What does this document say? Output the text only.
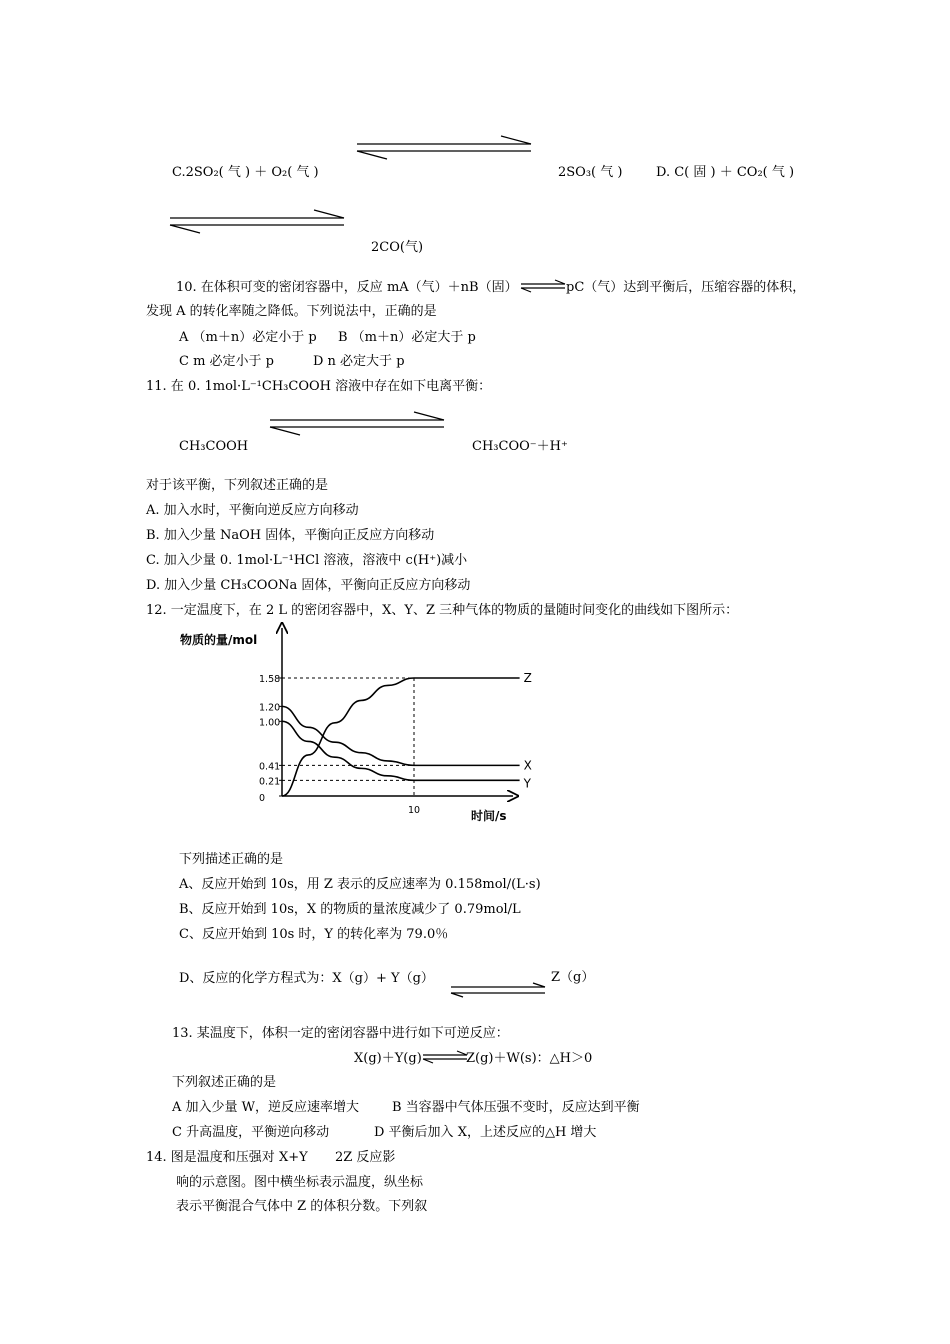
C.2SO₂( 气 ) ＋ O₂( 气 )	2SO₃( 气 )	D. C( 固 ) ＋ CO₂( 气 )
2CO(气)
10. 在体积可变的密闭容器中，反应 mA（气）＋nB（固） ⇌ pC（气）达到平衡后，压缩容器的体积，
发现 A 的转化率随之降低。下列说法中，正确的是
A （m＋n）必定小于 p B （m＋n）必定大于 p
C m 必定小于 p	D n 必定大于 p
11. 在 0. 1mol·L⁻¹CH₃COOH 溶液中存在如下电离平衡：
CH₃COOH	CH₃COO⁻＋H⁺
对于该平衡，下列叙述正确的是
A. 加入水时，平衡向逆反应方向移动
B. 加入少量 NaOH 固体，平衡向正反应方向移动
C. 加入少量 0. 1mol·L⁻¹HCl 溶液，溶液中 c(H⁺)减小
D. 加入少量 CH₃COONa 固体，平衡向正反应方向移动
12. 一定温度下，在 2 L 的密闭容器中，X、Y、Z 三种气体的物质的量随时间变化的曲线如下图所示：
物质的量/mol
时间/s
1.58
1.20
1.00
0.41
0.21
0
10
Z
X
Y
下列描述正确的是
A、反应开始到 10s，用 Z 表示的反应速率为 0.158mol/(L·s)
B、反应开始到 10s，X 的物质的量浓度减少了 0.79mol/L
C、反应开始到 10s 时，Y 的转化率为 79.0％
D、反应的化学方程式为：X（g）+ Y（g）	Z（g）
13. 某温度下，体积一定的密闭容器中进行如下可逆反应：
X(g)＋Y(g) ⇌
Z(g)＋W(s)：△H＞0
下列叙述正确的是
A 加入少量 W，逆反应速率增大	B 当容器中气体压强不变时，反应达到平衡
C 升高温度，平衡逆向移动	D 平衡后加入 X，上述反应的△H 增大
14. 图是温度和压强对 X+Y 2Z 反应影
响的示意图。图中横坐标表示温度，纵坐标
表示平衡混合气体中 Z 的体积分数。下列叙
